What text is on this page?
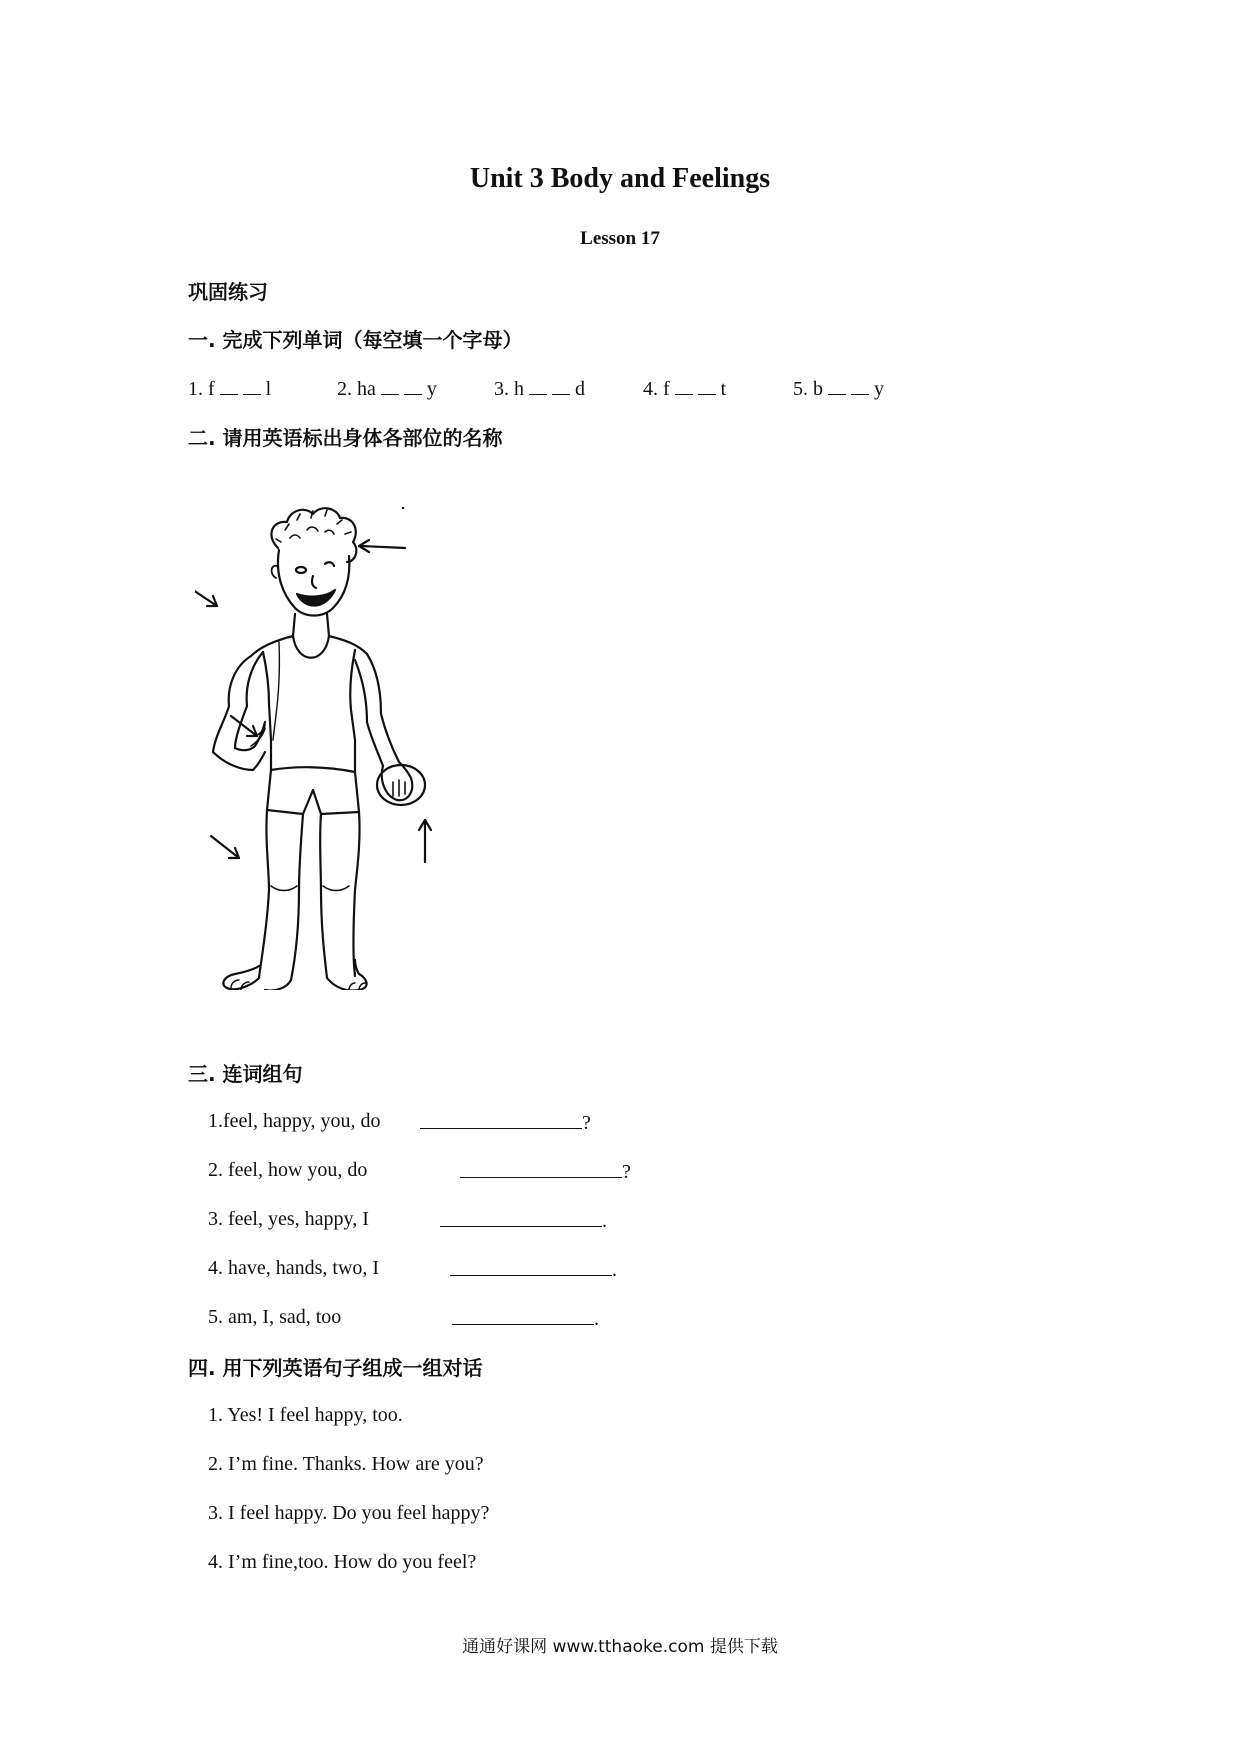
Unit 3 Body and Feelings
Lesson 17
巩固练习
一. 完成下列单词（每空填一个字母）
1. f	l	2. ha	y	3. h	d	4. f	t	5. b	y
二. 请用英语标出身体各部位的名称
三. 连词组句
1.feel, happy, you, do	?
2. feel, how you, do	?
3. feel, yes, happy, I	.
4. have, hands, two, I	.
5. am, I, sad, too	.
四. 用下列英语句子组成一组对话
1. Yes! I feel happy, too.
2. I’m fine. Thanks. How are you?
3. I feel happy. Do you feel happy?
4. I’m fine,too. How do you feel?
通通好课网 www.tthaoke.com 提供下载
